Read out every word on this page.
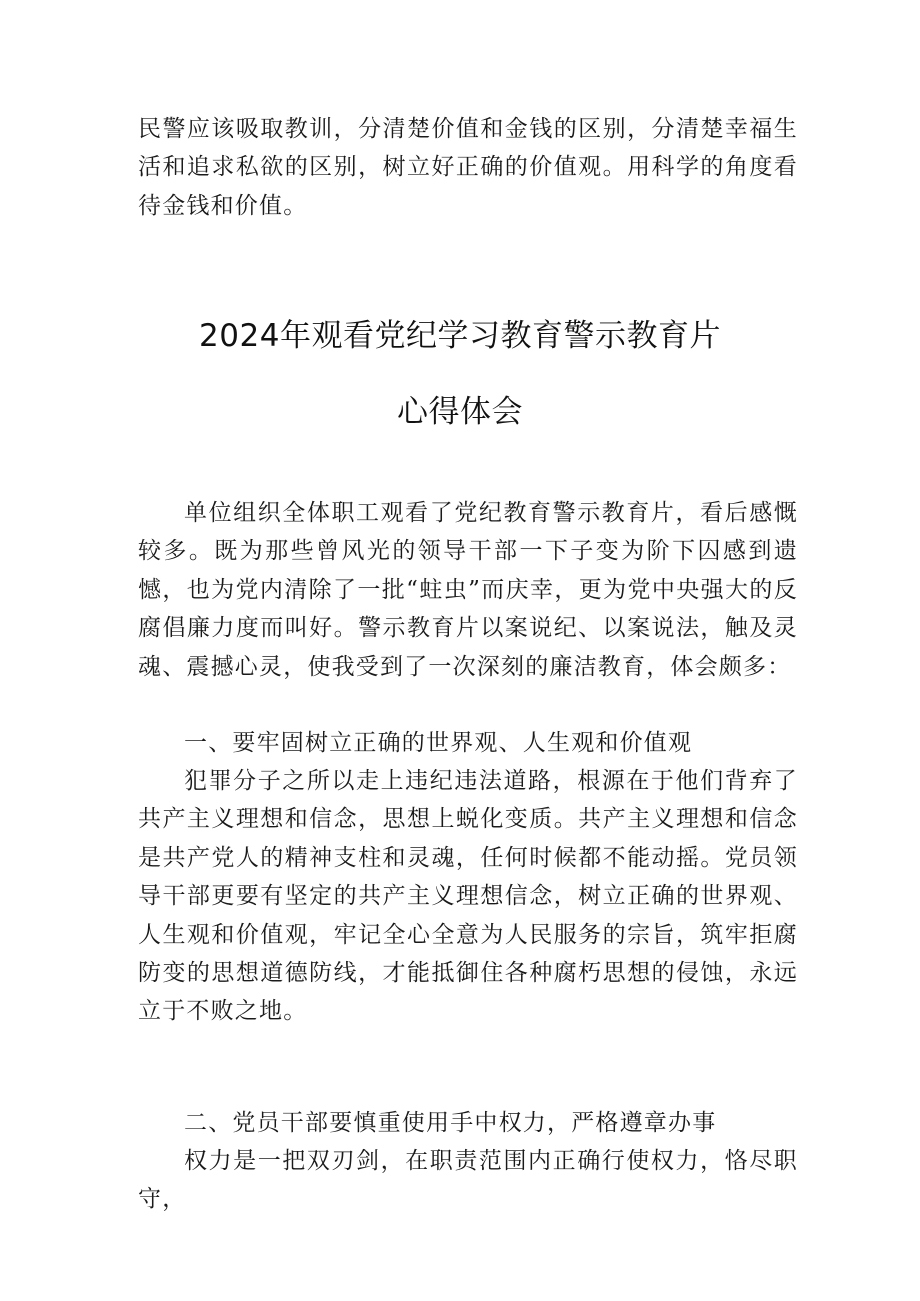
民警应该吸取教训，分清楚价值和金钱的区别，分清楚幸福生活和追求私欲的区别，树立好正确的价值观。用科学的角度看待金钱和价值。

2024年观看党纪学习教育警示教育片
心得体会

单位组织全体职工观看了党纪教育警示教育片，看后感慨较多。既为那些曾风光的领导干部一下子变为阶下囚感到遗憾，也为党内清除了一批“蛀虫”而庆幸，更为党中央强大的反腐倡廉力度而叫好。警示教育片以案说纪、以案说法，触及灵魂、震撼心灵，使我受到了一次深刻的廉洁教育，体会颇多：

一、要牢固树立正确的世界观、人生观和价值观

犯罪分子之所以走上违纪违法道路，根源在于他们背弃了共产主义理想和信念，思想上蜕化变质。共产主义理想和信念是共产党人的精神支柱和灵魂，任何时候都不能动摇。党员领导干部更要有坚定的共产主义理想信念，树立正确的世界观、人生观和价值观，牢记全心全意为人民服务的宗旨，筑牢拒腐防变的思想道德防线，才能抵御住各种腐朽思想的侵蚀，永远立于不败之地。

二、党员干部要慎重使用手中权力，严格遵章办事

权力是一把双刃剑，在职责范围内正确行使权力，恪尽职守，
